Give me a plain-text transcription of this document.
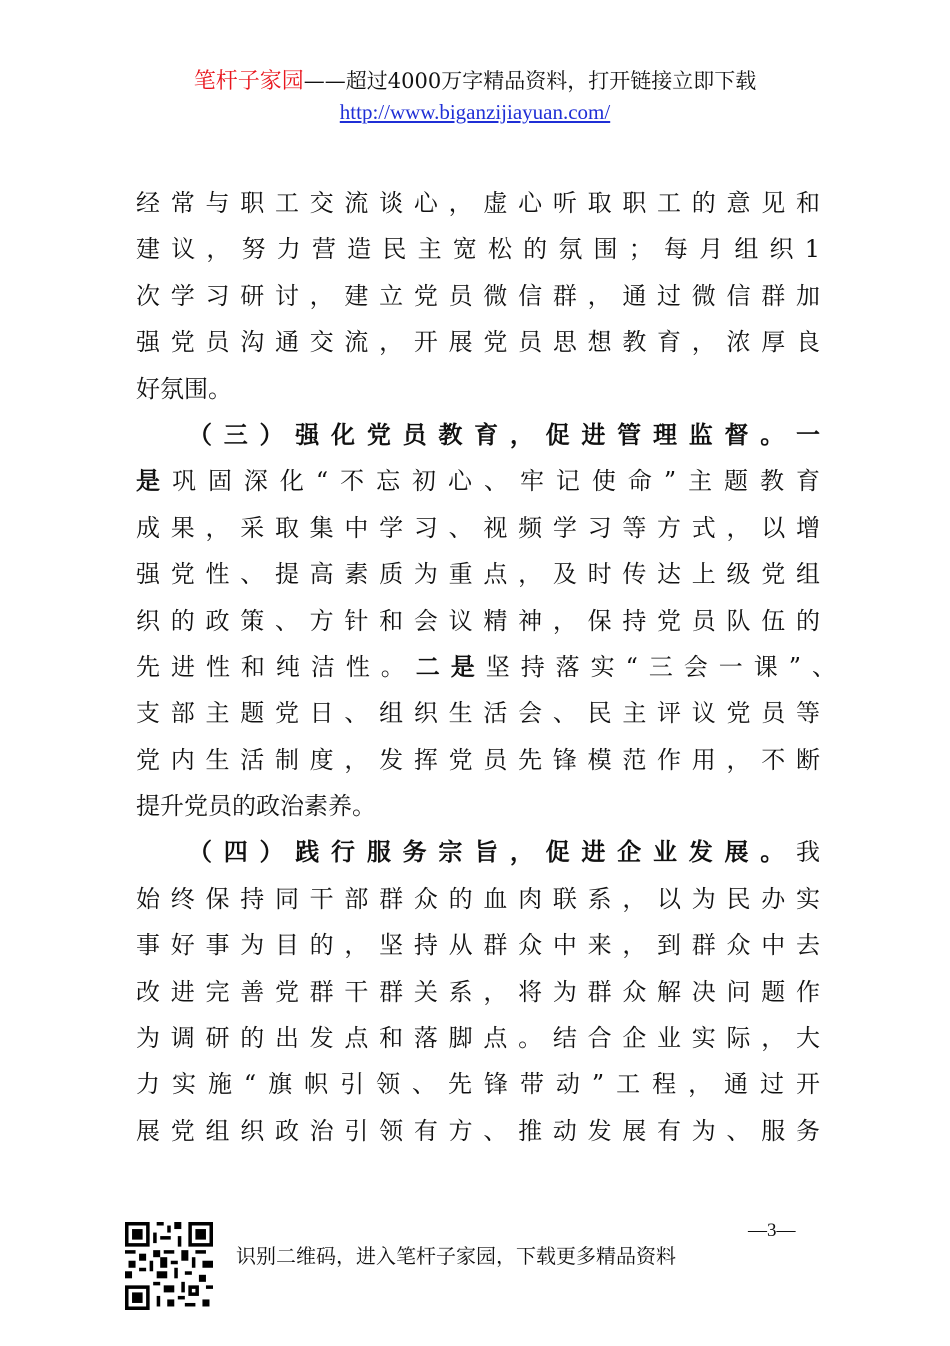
笔杆子家园——超过4000万字精品资料，打开链接立即下载
http://www.biganzijiayuan.com/
经常与职工交流谈心，虚心听取职工的意见和
建议，努力营造民主宽松的氛围；每月组织1
次学习研讨，建立党员微信群，通过微信群加
强党员沟通交流，开展党员思想教育，浓厚良
好氛围。
（三）强化党员教育，促进管理监督。一
是巩固深化“不忘初心、牢记使命”主题教育
成果，采取集中学习、视频学习等方式，以增
强党性、提高素质为重点，及时传达上级党组
织的政策、方针和会议精神，保持党员队伍的
先进性和纯洁性。二是坚持落实“三会一课”、
支部主题党日、组织生活会、民主评议党员等
党内生活制度，发挥党员先锋模范作用，不断
提升党员的政治素养。
（四）践行服务宗旨，促进企业发展。我
始终保持同干部群众的血肉联系，以为民办实
事好事为目的，坚持从群众中来，到群众中去
改进完善党群干群关系，将为群众解决问题作
为调研的出发点和落脚点。结合企业实际，大
力实施“旗帜引领、先锋带动”工程，通过开
展党组织政治引领有方、推动发展有为、服务
—3—
识别二维码，进入笔杆子家园，下载更多精品资料
